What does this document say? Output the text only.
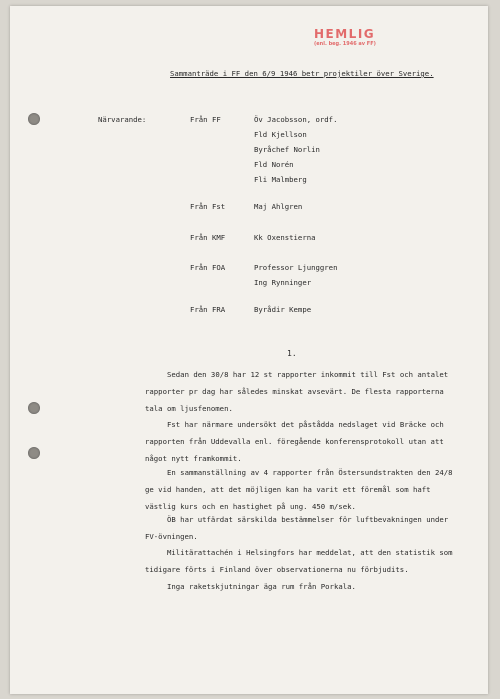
HEMLIG
(enl. beg. 1946 av FF)
Sammanträde i FF den 6/9 1946 betr projektiler över Sverige.
Närvarande:	Från FF	Öv Jacobsson, ordf.
Fld Kjellson
Byråchef Norlin
Fld Norén
Fli Malmberg
Från Fst	Maj Ahlgren
Från KMF	Kk Oxenstierna
Från FOA	Professor Ljunggren
Ing Rynninger
Från FRA	Byrådir Kempe
1.
Sedan den 30/8 har 12 st rapporter inkommit till Fst och antalet rapporter pr dag har således minskat avsevärt. De flesta rapporterna tala om ljusfenomen.
Fst har närmare undersökt det påstådda nedslaget vid Bräcke och rapporten från Uddevalla enl. föregående konferensprotokoll utan att något nytt framkommit.
En sammanställning av 4 rapporter från Östersundstrakten den 24/8 ge vid handen, att det möjligen kan ha varit ett föremål som haft västlig kurs och en hastighet på ung. 450 m/sek.
ÖB har utfärdat särskilda bestämmelser för luftbevakningen under FV-övningen.
Militärattachén i Helsingfors har meddelat, att den statistik som tidigare förts i Finland över observationerna nu förbjudits.
Inga raketskjutningar äga rum från Porkala.
